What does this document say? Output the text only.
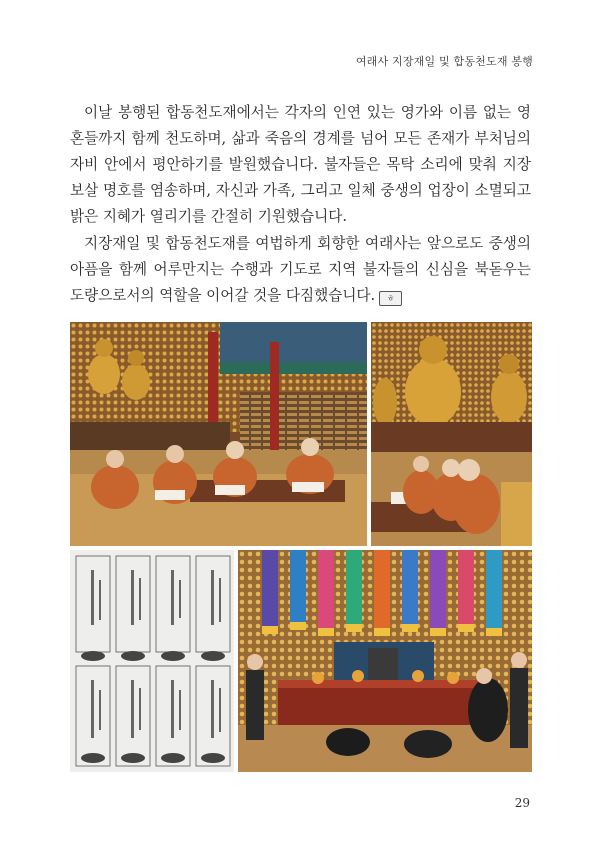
여래사 지장재일 및 합동천도재 봉행

이날 봉행된 합동천도재에서는 각자의 인연 있는 영가와 이름 없는 영혼들까지 함께 천도하며, 삶과 죽음의 경계를 넘어 모든 존재가 부처님의 자비 안에서 평안하기를 발원했습니다. 불자들은 목탁 소리에 맞춰 지장보살 명호를 염송하며, 자신과 가족, 그리고 일체 중생의 업장이 소멸되고 밝은 지혜가 열리기를 간절히 기원했습니다.

지장재일 및 합동천도재를 여법하게 회향한 여래사는 앞으로도 중생의 아픔을 함께 어루만지는 수행과 기도로 지역 불자들의 신심을 북돋우는 도량으로서의 역할을 이어갈 것을 다짐했습니다. ㅎ

29
